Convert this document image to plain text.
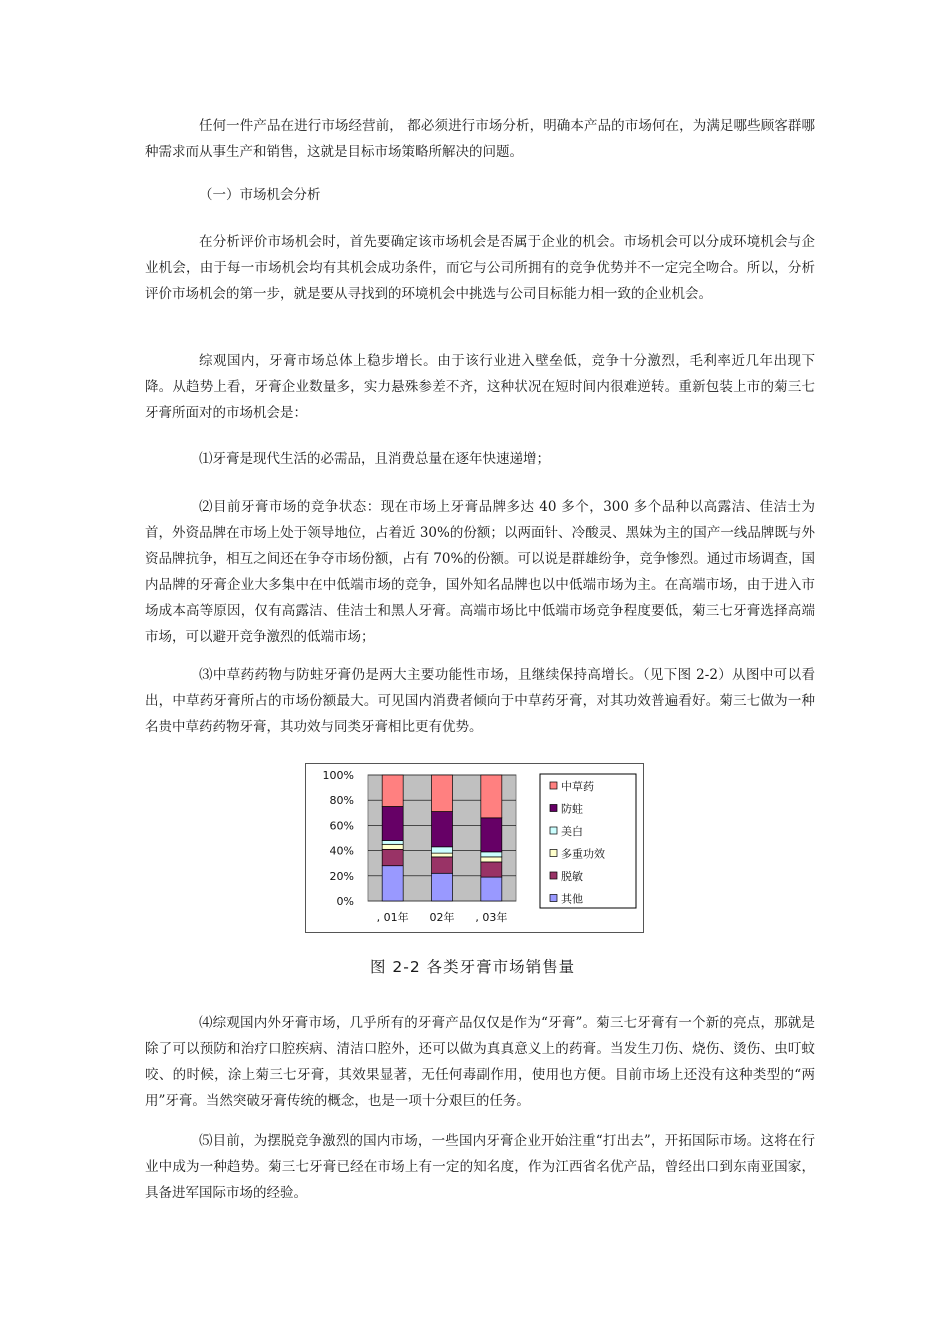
任何一件产品在进行市场经营前， 都必须进行市场分析，明确本产品的市场何在，为满足哪些顾客群哪种需求而从事生产和销售，这就是目标市场策略所解决的问题。

（一）市场机会分析

在分析评价市场机会时，首先要确定该市场机会是否属于企业的机会。市场机会可以分成环境机会与企业机会，由于每一市场机会均有其机会成功条件，而它与公司所拥有的竞争优势并不一定完全吻合。所以，分析评价市场机会的第一步，就是要从寻找到的环境机会中挑选与公司目标能力相一致的企业机会。

综观国内，牙膏市场总体上稳步增长。由于该行业进入壁垒低，竞争十分激烈，毛利率近几年出现下降。从趋势上看，牙膏企业数量多，实力悬殊参差不齐，这种状况在短时间内很难逆转。重新包装上市的菊三七牙膏所面对的市场机会是：

⑴牙膏是现代生活的必需品，且消费总量在逐年快速递增；

⑵目前牙膏市场的竞争状态：现在市场上牙膏品牌多达 40 多个，300 多个品种以高露洁、佳洁士为首，外资品牌在市场上处于领导地位，占着近 30%的份额；以两面针、冷酸灵、黑妹为主的国产一线品牌既与外资品牌抗争，相互之间还在争夺市场份额，占有 70%的份额。可以说是群雄纷争，竞争惨烈。通过市场调查，国内品牌的牙膏企业大多集中在中低端市场的竞争，国外知名品牌也以中低端市场为主。在高端市场，由于进入市场成本高等原因，仅有高露洁、佳洁士和黑人牙膏。高端市场比中低端市场竞争程度要低，菊三七牙膏选择高端市场，可以避开竞争激烈的低端市场；

⑶中草药药物与防蛀牙膏仍是两大主要功能性市场，且继续保持高增长。（见下图 2-2）从图中可以看出，中草药牙膏所占的市场份额最大。可见国内消费者倾向于中草药牙膏，对其功效普遍看好。菊三七做为一种名贵中草药药物牙膏，其功效与同类牙膏相比更有优势。

0%
20%
40%
60%
80%
100%
, 01年 02年 , 03年
中草药
防蛀
美白
多重功效
脱敏
其他

图 2-2 各类牙膏市场销售量

⑷综观国内外牙膏市场，几乎所有的牙膏产品仅仅是作为“牙膏”。菊三七牙膏有一个新的亮点，那就是除了可以预防和治疗口腔疾病、清洁口腔外，还可以做为真真意义上的药膏。当发生刀伤、烧伤、烫伤、虫叮蚊咬、的时候，涂上菊三七牙膏，其效果显著，无任何毒副作用，使用也方便。目前市场上还没有这种类型的“两用”牙膏。当然突破牙膏传统的概念，也是一项十分艰巨的任务。

⑸目前，为摆脱竞争激烈的国内市场，一些国内牙膏企业开始注重“打出去”，开拓国际市场。这将在行业中成为一种趋势。菊三七牙膏已经在市场上有一定的知名度，作为江西省名优产品，曾经出口到东南亚国家，具备进军国际市场的经验。
